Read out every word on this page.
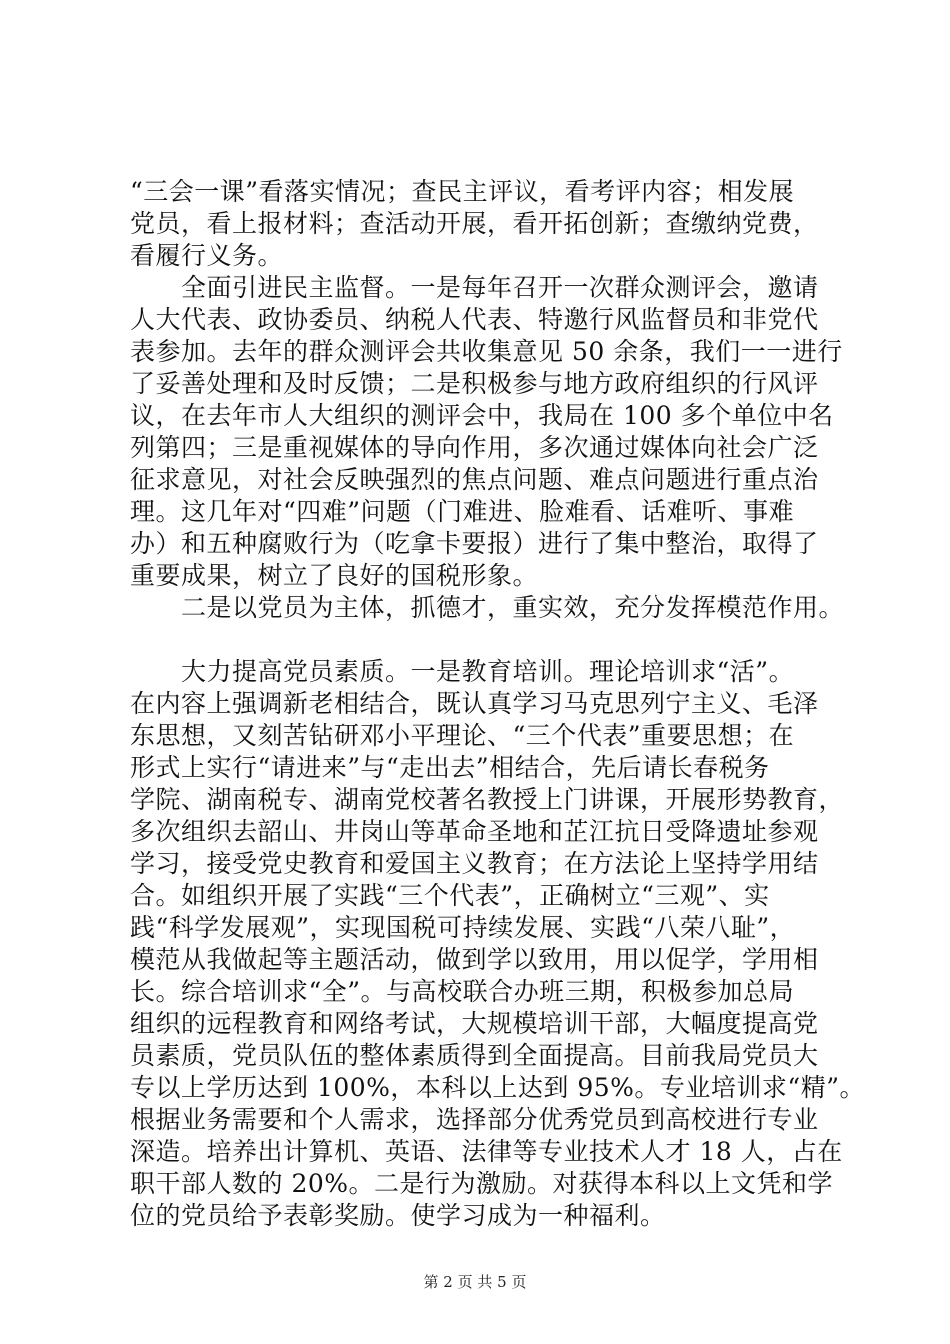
“三会一课”看落实情况；查民主评议，看考评内容；相发展
党员，看上报材料；查活动开展，看开拓创新；查缴纳党费，
看履行义务。
　　全面引进民主监督。一是每年召开一次群众测评会，邀请
人大代表、政协委员、纳税人代表、特邀行风监督员和非党代
表参加。去年的群众测评会共收集意见 50 余条，我们一一进行
了妥善处理和及时反馈；二是积极参与地方政府组织的行风评
议，在去年市人大组织的测评会中，我局在 100 多个单位中名
列第四；三是重视媒体的导向作用，多次通过媒体向社会广泛
征求意见，对社会反映强烈的焦点问题、难点问题进行重点治
理。这几年对“四难”问题（门难进、脸难看、话难听、事难
办）和五种腐败行为（吃拿卡要报）进行了集中整治，取得了
重要成果，树立了良好的国税形象。
　　二是以党员为主体，抓德才，重实效，充分发挥模范作用。
　　大力提高党员素质。一是教育培训。理论培训求“活”。
在内容上强调新老相结合，既认真学习马克思列宁主义、毛泽
东思想，又刻苦钻研邓小平理论、“三个代表”重要思想；在
形式上实行“请进来”与“走出去”相结合，先后请长春税务
学院、湖南税专、湖南党校著名教授上门讲课，开展形势教育，
多次组织去韶山、井岗山等革命圣地和芷江抗日受降遗址参观
学习，接受党史教育和爱国主义教育；在方法论上坚持学用结
合。如组织开展了实践“三个代表”，正确树立“三观”、实
践“科学发展观”，实现国税可持续发展、实践“八荣八耻”，
模范从我做起等主题活动，做到学以致用，用以促学，学用相
长。综合培训求“全”。与高校联合办班三期，积极参加总局
组织的远程教育和网络考试，大规模培训干部，大幅度提高党
员素质，党员队伍的整体素质得到全面提高。目前我局党员大
专以上学历达到 100%，本科以上达到 95%。专业培训求“精”。
根据业务需要和个人需求，选择部分优秀党员到高校进行专业
深造。培养出计算机、英语、法律等专业技术人才 18 人，占在
职干部人数的 20%。二是行为激励。对获得本科以上文凭和学
位的党员给予表彰奖励。使学习成为一种福利。
第 2 页 共 5 页
